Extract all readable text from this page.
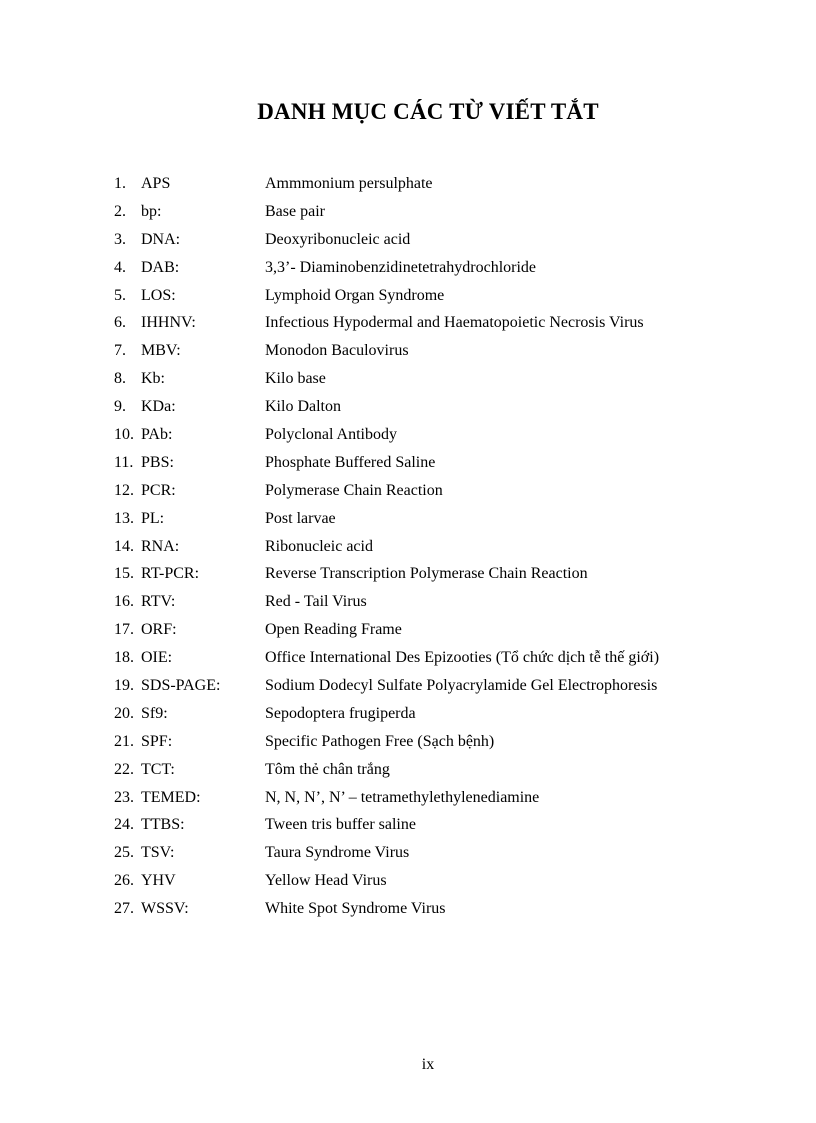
DANH MỤC CÁC TỪ VIẾT TẮT
1. APS	Ammmonium persulphate
2. bp:	Base pair
3. DNA:	Deoxyribonucleic acid
4. DAB:	3,3’- Diaminobenzidinetetrahydrochloride
5. LOS:	Lymphoid Organ Syndrome
6. IHHNV:	Infectious Hypodermal and Haematopoietic Necrosis Virus
7. MBV:	Monodon Baculovirus
8. Kb:	Kilo base
9. KDa:	Kilo Dalton
10. PAb:	Polyclonal Antibody
11. PBS:	Phosphate Buffered Saline
12. PCR:	Polymerase Chain Reaction
13. PL:	Post larvae
14. RNA:	Ribonucleic acid
15. RT-PCR:	Reverse Transcription Polymerase Chain Reaction
16. RTV:	Red - Tail Virus
17. ORF:	Open Reading Frame
18. OIE:	Office International Des Epizooties (Tổ chức dịch tễ thế giới)
19. SDS-PAGE:	Sodium Dodecyl Sulfate Polyacrylamide Gel Electrophoresis
20. Sf9:	Sepodoptera frugiperda
21. SPF:	Specific Pathogen Free (Sạch bệnh)
22. TCT:	Tôm thẻ chân trắng
23. TEMED:	N, N, N’, N’ – tetramethylethylenediamine
24. TTBS:	Tween tris buffer saline
25. TSV:	Taura Syndrome Virus
26. YHV	Yellow Head Virus
27. WSSV:	White Spot Syndrome Virus
ix
